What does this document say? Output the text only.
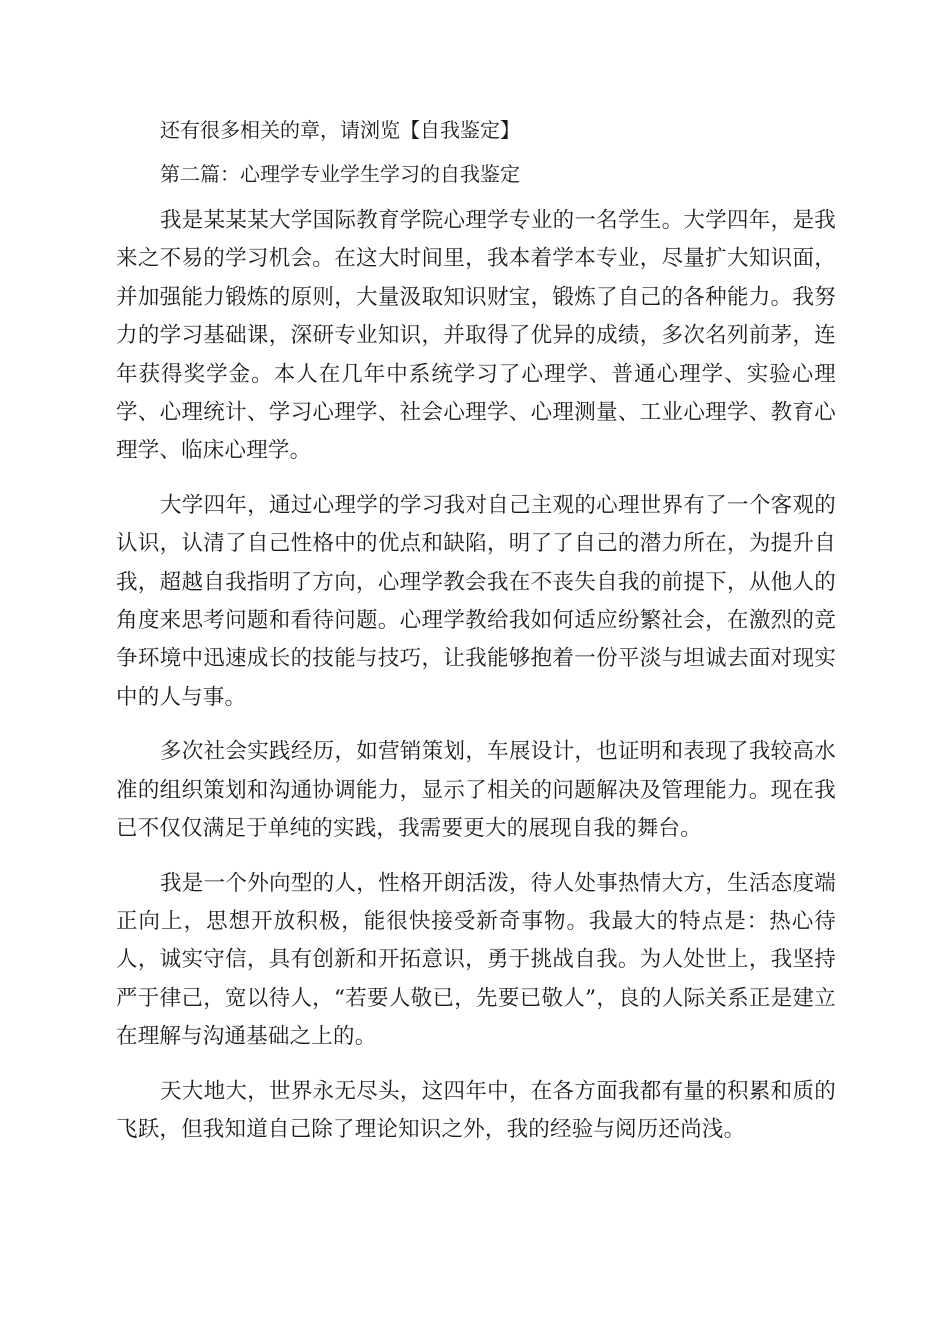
还有很多相关的章，请浏览【自我鉴定】

第二篇：心理学专业学生学习的自我鉴定

我是某某某大学国际教育学院心理学专业的一名学生。大学四年，是我来之不易的学习机会。在这大时间里，我本着学本专业，尽量扩大知识面，并加强能力锻炼的原则，大量汲取知识财宝，锻炼了自己的各种能力。我努力的学习基础课，深研专业知识，并取得了优异的成绩，多次名列前茅，连年获得奖学金。本人在几年中系统学习了心理学、普通心理学、实验心理学、心理统计、学习心理学、社会心理学、心理测量、工业心理学、教育心理学、临床心理学。

大学四年，通过心理学的学习我对自己主观的心理世界有了一个客观的认识，认清了自己性格中的优点和缺陷，明了了自己的潜力所在，为提升自我，超越自我指明了方向，心理学教会我在不丧失自我的前提下，从他人的角度来思考问题和看待问题。心理学教给我如何适应纷繁社会，在激烈的竞争环境中迅速成长的技能与技巧，让我能够抱着一份平淡与坦诚去面对现实中的人与事。

多次社会实践经历，如营销策划，车展设计，也证明和表现了我较高水准的组织策划和沟通协调能力，显示了相关的问题解决及管理能力。现在我已不仅仅满足于单纯的实践，我需要更大的展现自我的舞台。

我是一个外向型的人，性格开朗活泼，待人处事热情大方，生活态度端正向上，思想开放积极，能很快接受新奇事物。我最大的特点是：热心待人，诚实守信，具有创新和开拓意识，勇于挑战自我。为人处世上，我坚持严于律己，宽以待人，“若要人敬已，先要已敬人”，良的人际关系正是建立在理解与沟通基础之上的。

天大地大，世界永无尽头，这四年中，在各方面我都有量的积累和质的飞跃，但我知道自己除了理论知识之外，我的经验与阅历还尚浅。
